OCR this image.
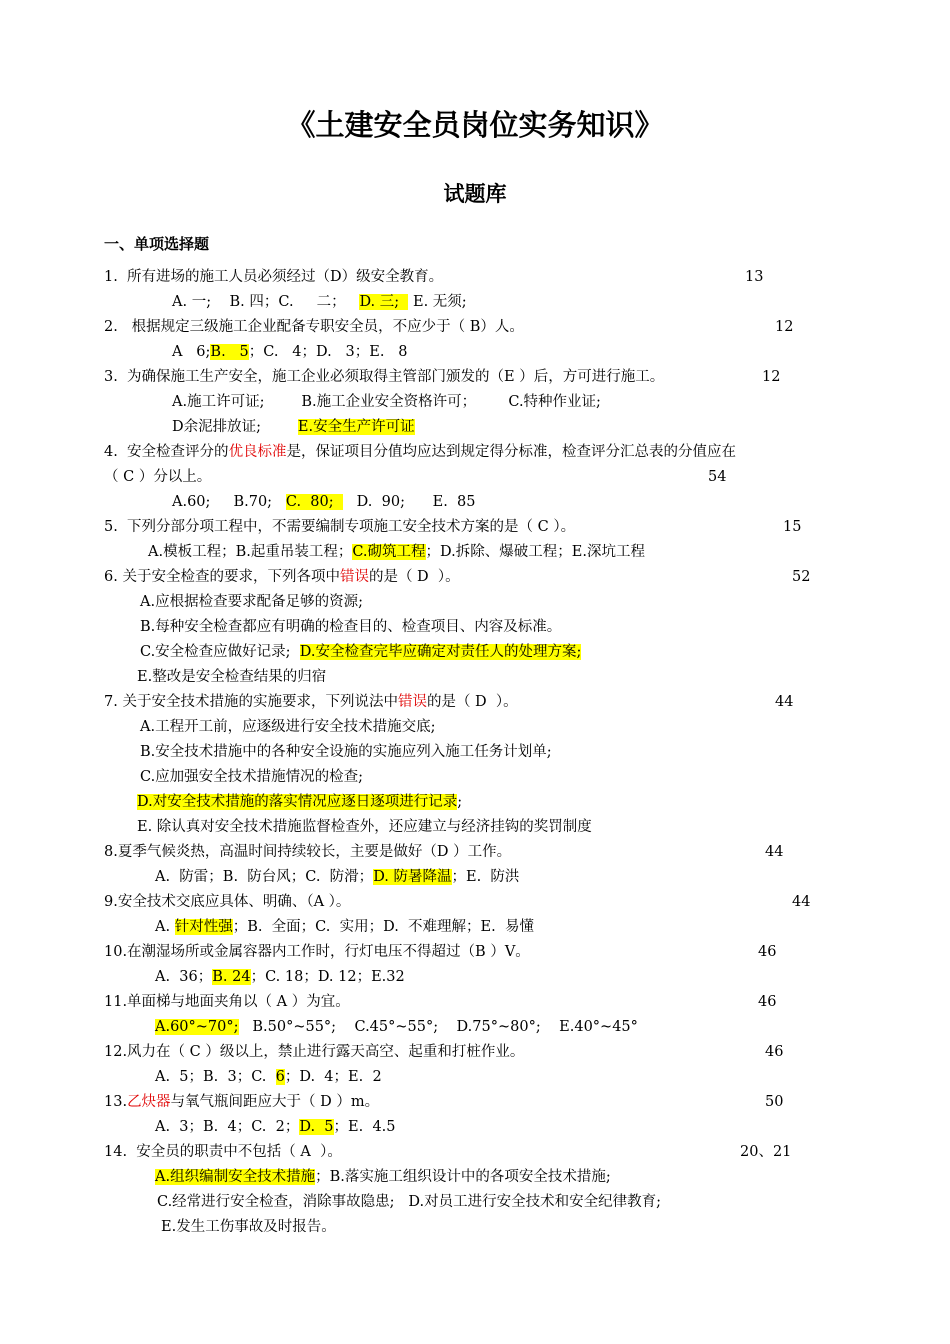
《土建安全员岗位实务知识》
试题库
一、单项选择题
1.  所有进场的施工人员必须经过（D）级安全教育。	13
A. 一;    B. 四；C.     二；   D. 三;   E. 无须;
2.   根据规定三级施工企业配备专职安全员，不应少于（ B）人。	12
A   6;B.   5；C.   4；D.   3；E.   8
3.  为确保施工生产安全，施工企业必须取得主管部门颁发的（E ）后，方可进行施工。	12
A.施工许可证;        B.施工企业安全资格许可；       C.特种作业证;
D余泥排放证;        E.安全生产许可证
4.  安全检查评分的优良标准是，保证项目分值均应达到规定得分标准，检查评分汇总表的分值应在
（ C ）分以上。	54
A.60;     B.70;   C.  80;     D.  90;      E.  85
5.  下列分部分项工程中，不需要编制专项施工安全技术方案的是（ C ）。	15
A.模板工程；B.起重吊装工程；C.砌筑工程；D.拆除、爆破工程；E.深坑工程
6. 关于安全检查的要求，下列各项中错误的是（ D  ）。	52
A.应根据检查要求配备足够的资源;
B.每种安全检查都应有明确的检查目的、检查项目、内容及标准。
C.安全检查应做好记录;  D.安全检查完毕应确定对责任人的处理方案;
E.整改是安全检查结果的归宿
7. 关于安全技术措施的实施要求，下列说法中错误的是（ D  ）。	44
A.工程开工前，应逐级进行安全技术措施交底;
B.安全技术措施中的各种安全设施的实施应列入施工任务计划单;
C.应加强安全技术措施情况的检查;
D.对安全技术措施的落实情况应逐日逐项进行记录;
E. 除认真对安全技术措施监督检查外，还应建立与经济挂钩的奖罚制度
8.夏季气候炎热，高温时间持续较长，主要是做好（D ）工作。	44
A.  防雷；B.  防台风；C.  防滑；D. 防暑降温；E.  防洪
9.安全技术交底应具体、明确、（A ）。	44
A. 针对性强；B.  全面；C.  实用；D.  不难理解；E.  易懂
10.在潮湿场所或金属容器内工作时，行灯电压不得超过（B ）V。	46
A.  36；B. 24；C. 18；D. 12；E.32
11.单面梯与地面夹角以（ A ）为宜。	46
A.60°~70°;   B.50°~55°;    C.45°~55°;    D.75°~80°;    E.40°~45°
12.风力在（ C ）级以上，禁止进行露天高空、起重和打桩作业。	46
A.  5；B.  3；C.  6；D.  4；E.  2
13.乙炔器与氧气瓶间距应大于（ D ）m。	50
A.  3；B.  4；C.  2；D.  5；E.  4.5
14.  安全员的职责中不包括（ A  ）。	20、21
A.组织编制安全技术措施；B.落实施工组织设计中的各项安全技术措施;
C.经常进行安全检查，消除事故隐患;   D.对员工进行安全技术和安全纪律教育;
E.发生工伤事故及时报告。
